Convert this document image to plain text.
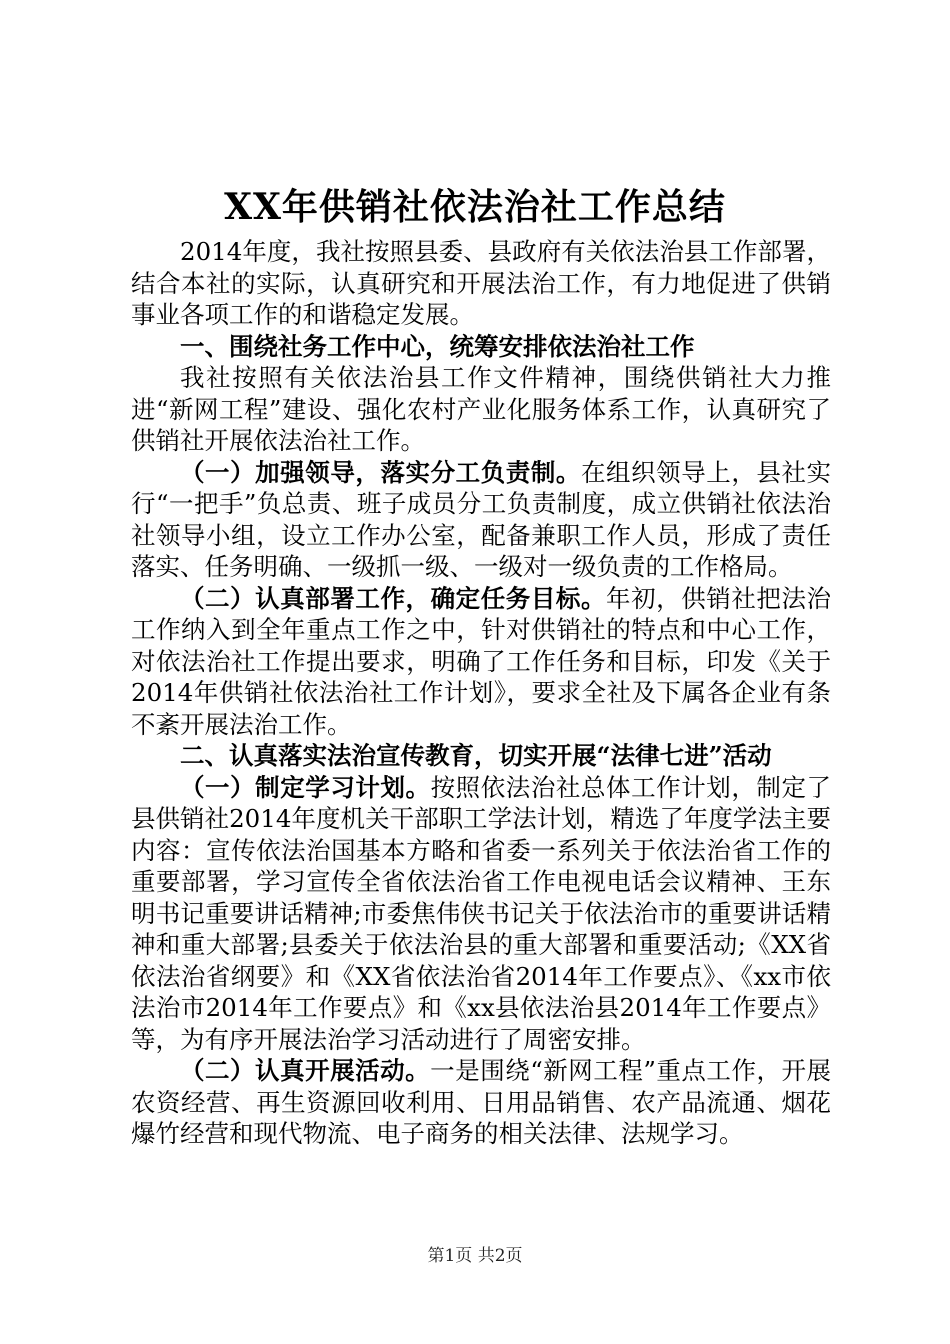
XX年供销社依法治社工作总结

2014年度，我社按照县委、县政府有关依法治县工作部署，结合本社的实际，认真研究和开展法治工作，有力地促进了供销事业各项工作的和谐稳定发展。

一、围绕社务工作中心，统筹安排依法治社工作

我社按照有关依法治县工作文件精神，围绕供销社大力推进“新网工程”建设、强化农村产业化服务体系工作，认真研究了供销社开展依法治社工作。

（一）加强领导，落实分工负责制。在组织领导上，县社实行“一把手”负总责、班子成员分工负责制度，成立供销社依法治社领导小组，设立工作办公室，配备兼职工作人员，形成了责任落实、任务明确、一级抓一级、一级对一级负责的工作格局。

（二）认真部署工作，确定任务目标。年初，供销社把法治工作纳入到全年重点工作之中，针对供销社的特点和中心工作，对依法治社工作提出要求，明确了工作任务和目标，印发《关于2014年供销社依法治社工作计划》，要求全社及下属各企业有条不紊开展法治工作。

二、认真落实法治宣传教育，切实开展“法律七进”活动

（一）制定学习计划。按照依法治社总体工作计划，制定了县供销社2014年度机关干部职工学法计划，精选了年度学法主要内容：宣传依法治国基本方略和省委一系列关于依法治省工作的重要部署，学习宣传全省依法治省工作电视电话会议精神、王东明书记重要讲话精神;市委焦伟侠书记关于依法治市的重要讲话精神和重大部署;县委关于依法治县的重大部署和重要活动;《XX省依法治省纲要》和《XX省依法治省2014年工作要点》、《xx市依法治市2014年工作要点》和《xx县依法治县2014年工作要点》等，为有序开展法治学习活动进行了周密安排。

（二）认真开展活动。一是围绕“新网工程”重点工作，开展农资经营、再生资源回收利用、日用品销售、农产品流通、烟花爆竹经营和现代物流、电子商务的相关法律、法规学习。

第1页 共2页
